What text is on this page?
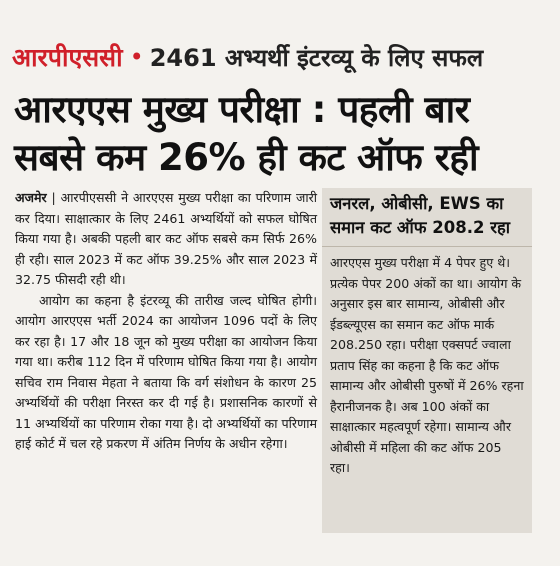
आरपीएससी • 2461 अभ्यर्थी इंटरव्यू के लिए सफल
आरएएस मुख्य परीक्षा : पहली बार
सबसे कम 26% ही कट ऑफ रही

अजमेर | आरपीएससी ने आरएएस मुख्य परीक्षा का परिणाम जारी कर दिया। साक्षात्कार के लिए 2461 अभ्यर्थियों को सफल घोषित किया गया है। अबकी पहली बार कट ऑफ सबसे कम सिर्फ 26% ही रही। साल 2023 में कट ऑफ 39.25% और साल 2023 में 32.75 फीसदी रही थी।

आयोग का कहना है इंटरव्यू की तारीख जल्द घोषित होगी। आयोग आरएएस भर्ती 2024 का आयोजन 1096 पदों के लिए कर रहा है। 17 और 18 जून को मुख्य परीक्षा का आयोजन किया गया था। करीब 112 दिन में परिणाम घोषित किया गया है। आयोग सचिव राम निवास मेहता ने बताया कि वर्ग संशोधन के कारण 25 अभ्यर्थियों की परीक्षा निरस्त कर दी गई है। प्रशासनिक कारणों से 11 अभ्यर्थियों का परिणाम रोका गया है। दो अभ्यर्थियों का परिणाम हाई कोर्ट में चल रहे प्रकरण में अंतिम निर्णय के अधीन रहेगा।

जनरल, ओबीसी, EWS का समान कट ऑफ 208.2 रहा
आरएएस मुख्य परीक्षा में 4 पेपर हुए थे। प्रत्येक पेपर 200 अंकों का था। आयोग के अनुसार इस बार सामान्य, ओबीसी और ईडब्ल्यूएस का समान कट ऑफ मार्क 208.250 रहा। परीक्षा एक्सपर्ट ज्वाला प्रताप सिंह का कहना है कि कट ऑफ सामान्य और ओबीसी पुरुषों में 26% रहना हैरानीजनक है। अब 100 अंकों का साक्षात्कार महत्वपूर्ण रहेगा। सामान्य और ओबीसी में महिला की कट ऑफ 205 रहा।
